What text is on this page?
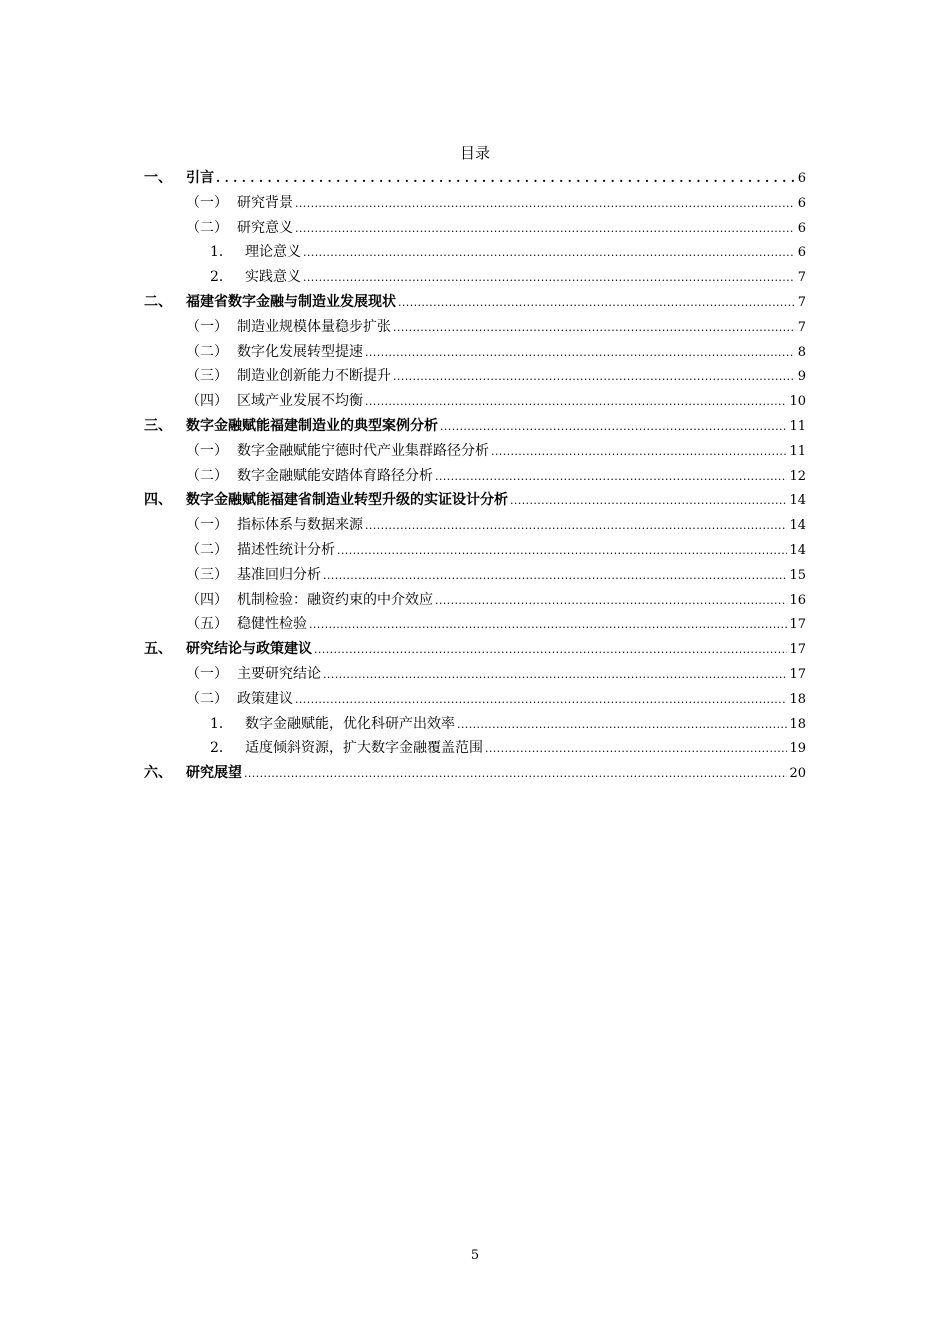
目录
一、	引言 .....	6
（一） 研究背景 .....	6
（二） 研究意义 .....	6
1． 理论意义 .....	6
2． 实践意义 .....	7
二、	福建省数字金融与制造业发展现状 .....	7
（一） 制造业规模体量稳步扩张 .....	7
（二） 数字化发展转型提速 .....	8
（三） 制造业创新能力不断提升 .....	9
（四） 区域产业发展不均衡 .....	10
三、	数字金融赋能福建制造业的典型案例分析 .....	11
（一） 数字金融赋能宁德时代产业集群路径分析 .....	11
（二） 数字金融赋能安踏体育路径分析 .....	12
四、	数字金融赋能福建省制造业转型升级的实证设计分析 .....	14
（一） 指标体系与数据来源 .....	14
（二） 描述性统计分析 .....	14
（三） 基准回归分析 .....	15
（四） 机制检验：融资约束的中介效应 .....	16
（五） 稳健性检验 .....	17
五、	研究结论与政策建议 .....	17
（一） 主要研究结论 .....	17
（二） 政策建议 .....	18
1． 数字金融赋能，优化科研产出效率 .....	18
2． 适度倾斜资源，扩大数字金融覆盖范围 .....	19
六、	研究展望 .....	20
5
